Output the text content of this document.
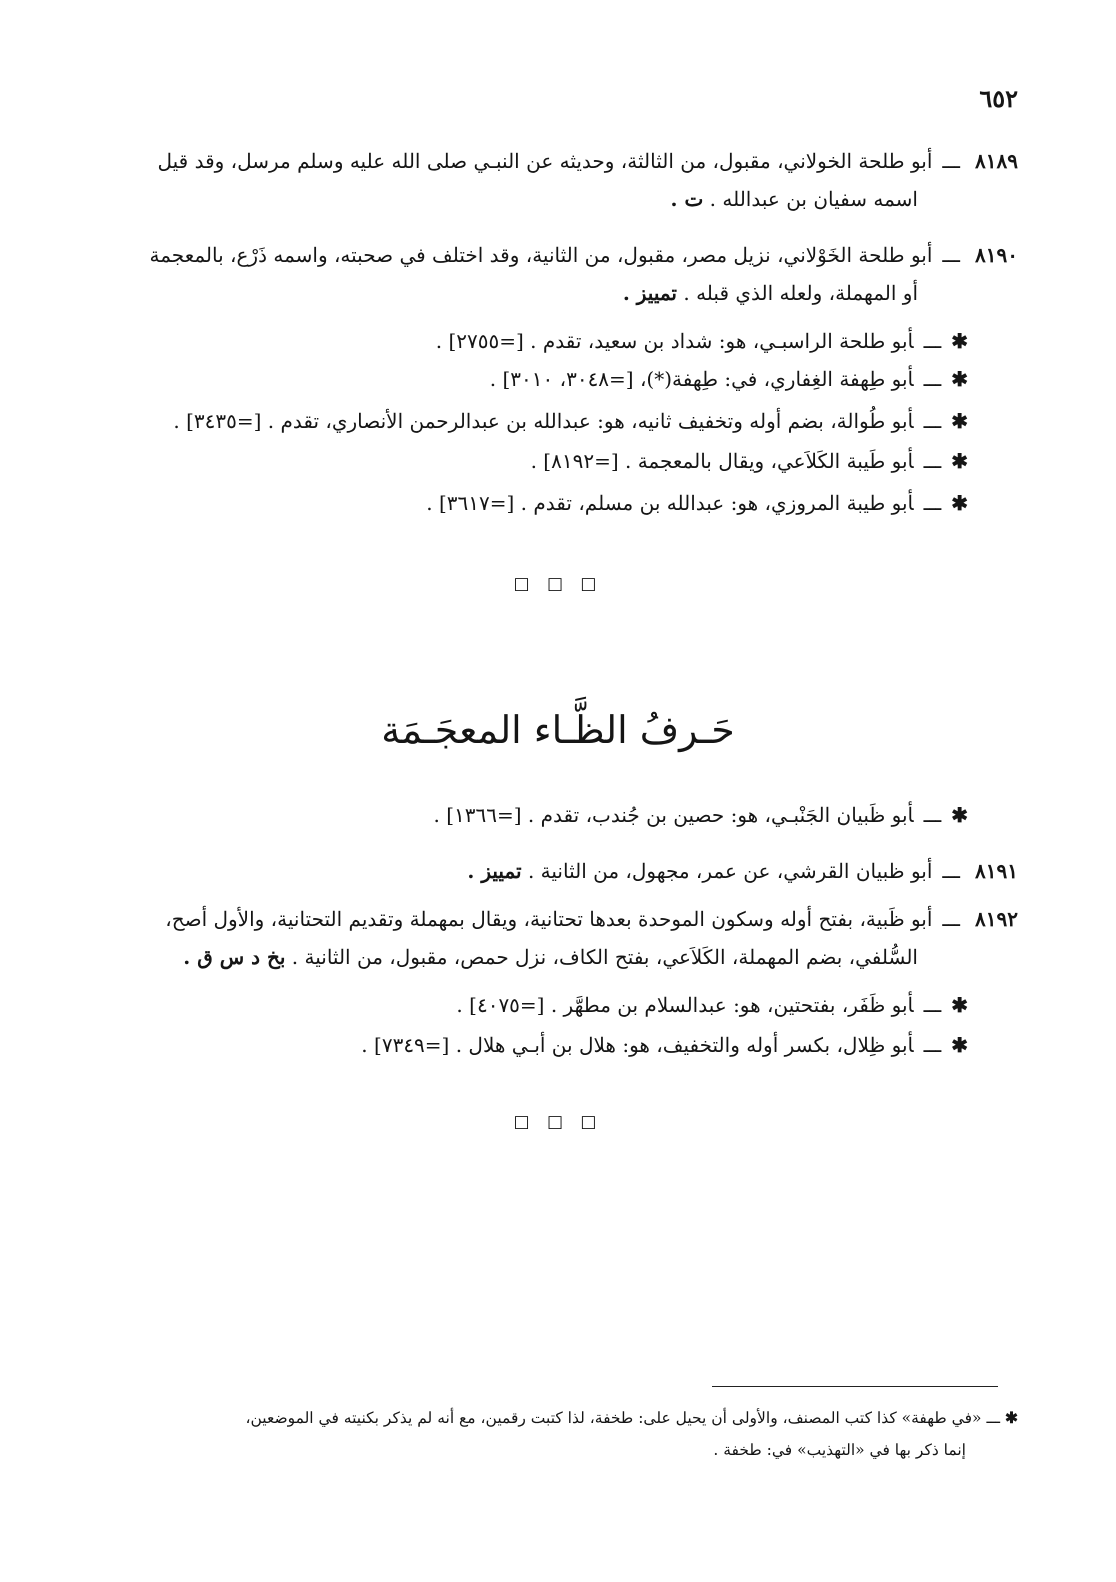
٦٥٢
٨١٨٩ـــأبو طلحة الخولاني، مقبول، من الثالثة، وحديثه عن النبـي صلى الله عليه وسلم مرسل، وقد قيل
اسمه سفيان بن عبدالله . ت .
٨١٩٠ـــأبو طلحة الخَوْلاني، نزيل مصر، مقبول، من الثانية، وقد اختلف في صحبته، واسمه ذَرْع، بالمعجمة
أو المهملة، ولعله الذي قبله . تمييز .
✱ـــأبو طلحة الراسبـي، هو: شداد بن سعيد، تقدم . [=٢٧٥٥] .
✱ـــأبو طِهفة الغِفاري، في: طِهفة(*)، [=٣٠٤٨، ٣٠١٠] .
✱ـــأبو طُوالة، بضم أوله وتخفيف ثانيه، هو: عبدالله بن عبدالرحمن الأنصاري، تقدم . [=٣٤٣٥] .
✱ـــأبو طَيبة الكَلاَعي، ويقال بالمعجمة . [=٨١٩٢] .
✱ـــأبو طيبة المروزي، هو: عبدالله بن مسلم، تقدم . [=٣٦١٧] .
□ □ □
حَـرفُ الظَّـاء المعجَـمَة
✱ـــأبو ظَبيان الجَنْبـي، هو: حصين بن جُندب، تقدم . [=١٣٦٦] .
٨١٩١ـــأبو ظبيان القرشي، عن عمر، مجهول، من الثانية . تمييز .
٨١٩٢ـــأبو ظَبية، بفتح أوله وسكون الموحدة بعدها تحتانية، ويقال بمهملة وتقديم التحتانية، والأول أصح،
السُّلفي، بضم المهملة، الكَلاَعي، بفتح الكاف، نزل حمص، مقبول، من الثانية . بخ د س ق .
✱ـــأبو ظَفَر، بفتحتين، هو: عبدالسلام بن مطهَّر . [=٤٠٧٥] .
✱ـــأبو ظِلال، بكسر أوله والتخفيف، هو: هلال بن أبـي هلال . [=٧٣٤٩] .
□ □ □
✱ ـــ «في طهفة» كذا كتب المصنف، والأولى أن يحيل على: طخفة، لذا كتبت رقمين، مع أنه لم يذكر بكنيته في الموضعين،
إنما ذكر بها في «التهذيب» في: طخفة .
